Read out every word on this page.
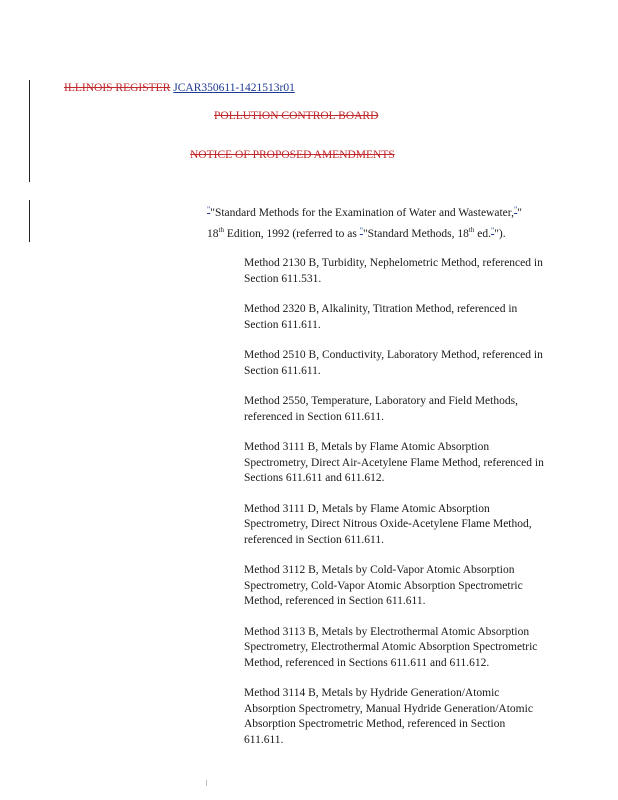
ILLINOIS REGISTER JCAR350611-1421513r01
POLLUTION CONTROL BOARD
NOTICE OF PROPOSED AMENDMENTS
""Standard Methods for the Examination of Water and Wastewater,"" 18th Edition, 1992 (referred to as ""Standard Methods, 18th ed."").
Method 2130 B, Turbidity, Nephelometric Method, referenced in Section 611.531.
Method 2320 B, Alkalinity, Titration Method, referenced in Section 611.611.
Method 2510 B, Conductivity, Laboratory Method, referenced in Section 611.611.
Method 2550, Temperature, Laboratory and Field Methods, referenced in Section 611.611.
Method 3111 B, Metals by Flame Atomic Absorption Spectrometry, Direct Air-Acetylene Flame Method, referenced in Sections 611.611 and 611.612.
Method 3111 D, Metals by Flame Atomic Absorption Spectrometry, Direct Nitrous Oxide-Acetylene Flame Method, referenced in Section 611.611.
Method 3112 B, Metals by Cold-Vapor Atomic Absorption Spectrometry, Cold-Vapor Atomic Absorption Spectrometric Method, referenced in Section 611.611.
Method 3113 B, Metals by Electrothermal Atomic Absorption Spectrometry, Electrothermal Atomic Absorption Spectrometric Method, referenced in Sections 611.611 and 611.612.
Method 3114 B, Metals by Hydride Generation/Atomic Absorption Spectrometry, Manual Hydride Generation/Atomic Absorption Spectrometric Method, referenced in Section 611.611.
